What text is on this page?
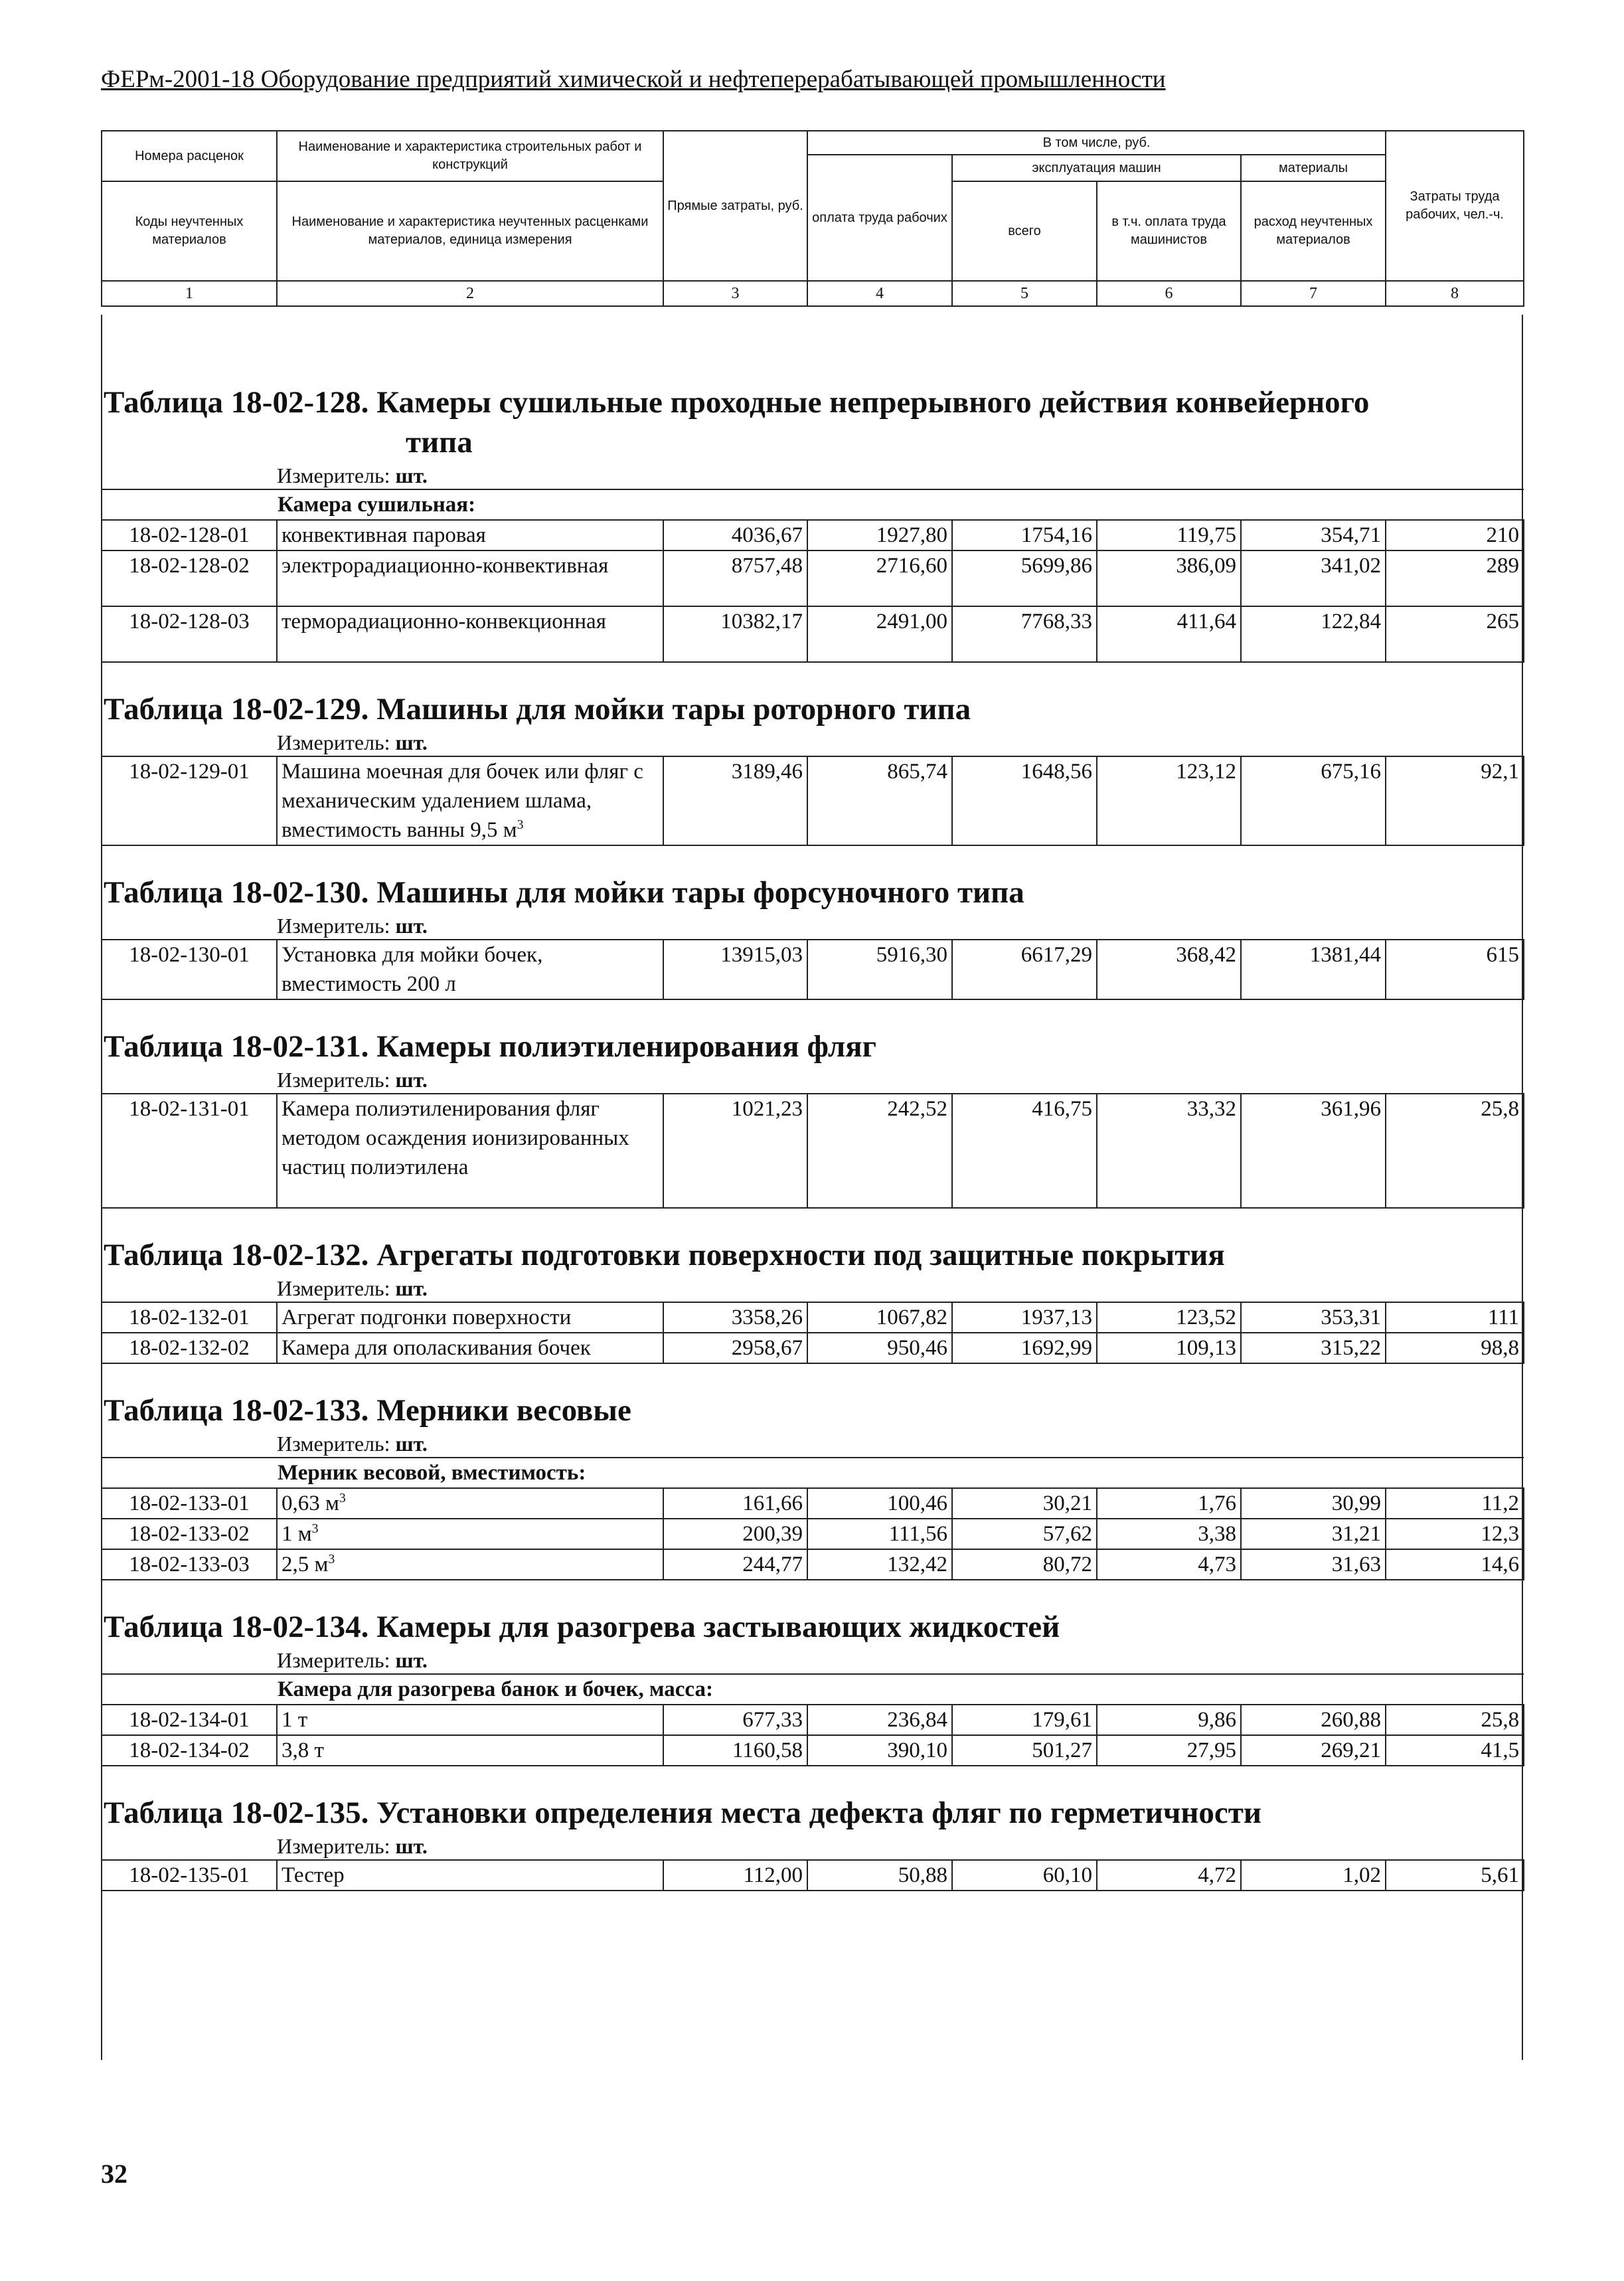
ФЕРм-2001-18 Оборудование предприятий химической и нефтеперерабатывающей промышленности
Номера расценок	Наименование и характеристика строительных работ и конструкций	Прямые затраты, руб.	В том числе, руб.				Затраты труда рабочих, чел.-ч.
			оплата труда рабочих	эксплуатация машин		материалы	
Коды неучтенных материалов	Наименование и характеристика неучтенных расценками материалов, единица измерения			всего	в т.ч. оплата труда машинистов	расход неучтенных материалов	

1	2	3	4	5	6	7	8
Таблица 18-02-128. Камеры сушильные проходные непрерывного действия конвейерного
типа
Измеритель: шт.
Камера сушильная:							
18-02-128-01	конвективная паровая	4036,67	1927,80	1754,16	119,75	354,71	210
18-02-128-02	электрорадиационно-конвективная	8757,48	2716,60	5699,86	386,09	341,02	289
18-02-128-03	терморадиационно-конвекционная	10382,17	2491,00	7768,33	411,64	122,84	265
Таблица 18-02-129. Машины для мойки тары роторного типа
Измеритель: шт.
18-02-129-01	Машина моечная для бочек или фляг с механическим удалением шлама, вместимость ванны 9,5 $м^3$	3189,46	865,74	1648,56	123,12	675,16	92,1
Таблица 18-02-130. Машины для мойки тары форсуночного типа
Измеритель: шт.
18-02-130-01	Установка для мойки бочек, вместимость 200 л	13915,03	5916,30	6617,29	368,42	1381,44	615
Таблица 18-02-131. Камеры полиэтиленирования фляг
Измеритель: шт.
18-02-131-01	Камера полиэтиленирования фляг методом осаждения ионизированных частиц полиэтилена	1021,23	242,52	416,75	33,32	361,96	25,8
Таблица 18-02-132. Агрегаты подготовки поверхности под защитные покрытия
Измеритель: шт.
18-02-132-01	Агрегат подгонки поверхности	3358,26	1067,82	1937,13	123,52	353,31	111
18-02-132-02	Камера для ополаскивания бочек	2958,67	950,46	1692,99	109,13	315,22	98,8
Таблица 18-02-133. Мерники весовые
Измеритель: шт.
Мерник весовой, вместимость:							
18-02-133-01	0,63 $м^3$	161,66	100,46	30,21	1,76	30,99	11,2
18-02-133-02	1 $м^3$	200,39	111,56	57,62	3,38	31,21	12,3
18-02-133-03	2,5 $м^3$	244,77	132,42	80,72	4,73	31,63	14,6
Таблица 18-02-134. Камеры для разогрева застывающих жидкостей
Измеритель: шт.
Камера для разогрева банок и бочек, масса:							
18-02-134-01	1 т	677,33	236,84	179,61	9,86	260,88	25,8
18-02-134-02	3,8 т	1160,58	390,10	501,27	27,95	269,21	41,5
Таблица 18-02-135. Установки определения места дефекта фляг по герметичности
Измеритель: шт.
18-02-135-01	Тестер	112,00	50,88	60,10	4,72	1,02	5,61
32
